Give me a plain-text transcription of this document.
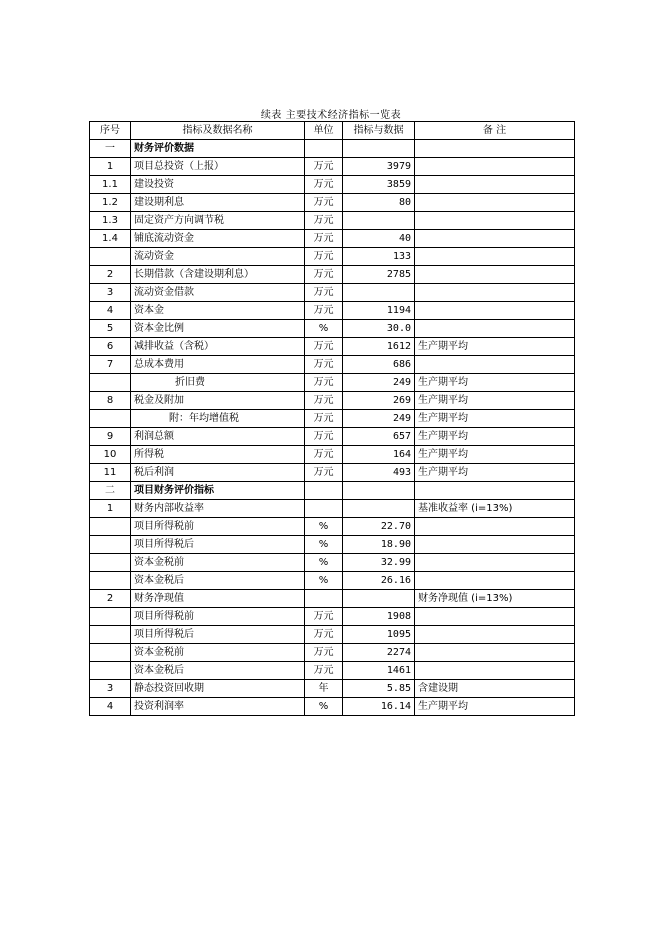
续表 主要技术经济指标一览表
序号	指标及数据名称	单位	指标与数据	备 注
一	财务评价数据			
1	项目总投资（上报）	万元	3979	
1.1	建设投资	万元	3859	
1.2	建设期利息	万元	80	
1.3	固定资产方向调节税	万元		
1.4	铺底流动资金	万元	40	
	流动资金	万元	133	
2	长期借款（含建设期利息）	万元	2785	
3	流动资金借款	万元		
4	资本金	万元	1194	
5	资本金比例	%	30.0	
6	减排收益（含税）	万元	1612	生产期平均
7	总成本费用	万元	686	
	折旧费	万元	249	生产期平均
8	税金及附加	万元	269	生产期平均
	附：年均增值税	万元	249	生产期平均
9	利润总额	万元	657	生产期平均
10	所得税	万元	164	生产期平均
11	税后利润	万元	493	生产期平均
二	项目财务评价指标			
1	财务内部收益率			基准收益率 (i=13%)
	项目所得税前	%	22.70	
	项目所得税后	%	18.90	
	资本金税前	%	32.99	
	资本金税后	%	26.16	
2	财务净现值			财务净现值 (i=13%)
	项目所得税前	万元	1908	
	项目所得税后	万元	1095	
	资本金税前	万元	2274	
	资本金税后	万元	1461	
3	静态投资回收期	年	5.85	含建设期
4	投资利润率	%	16.14	生产期平均
